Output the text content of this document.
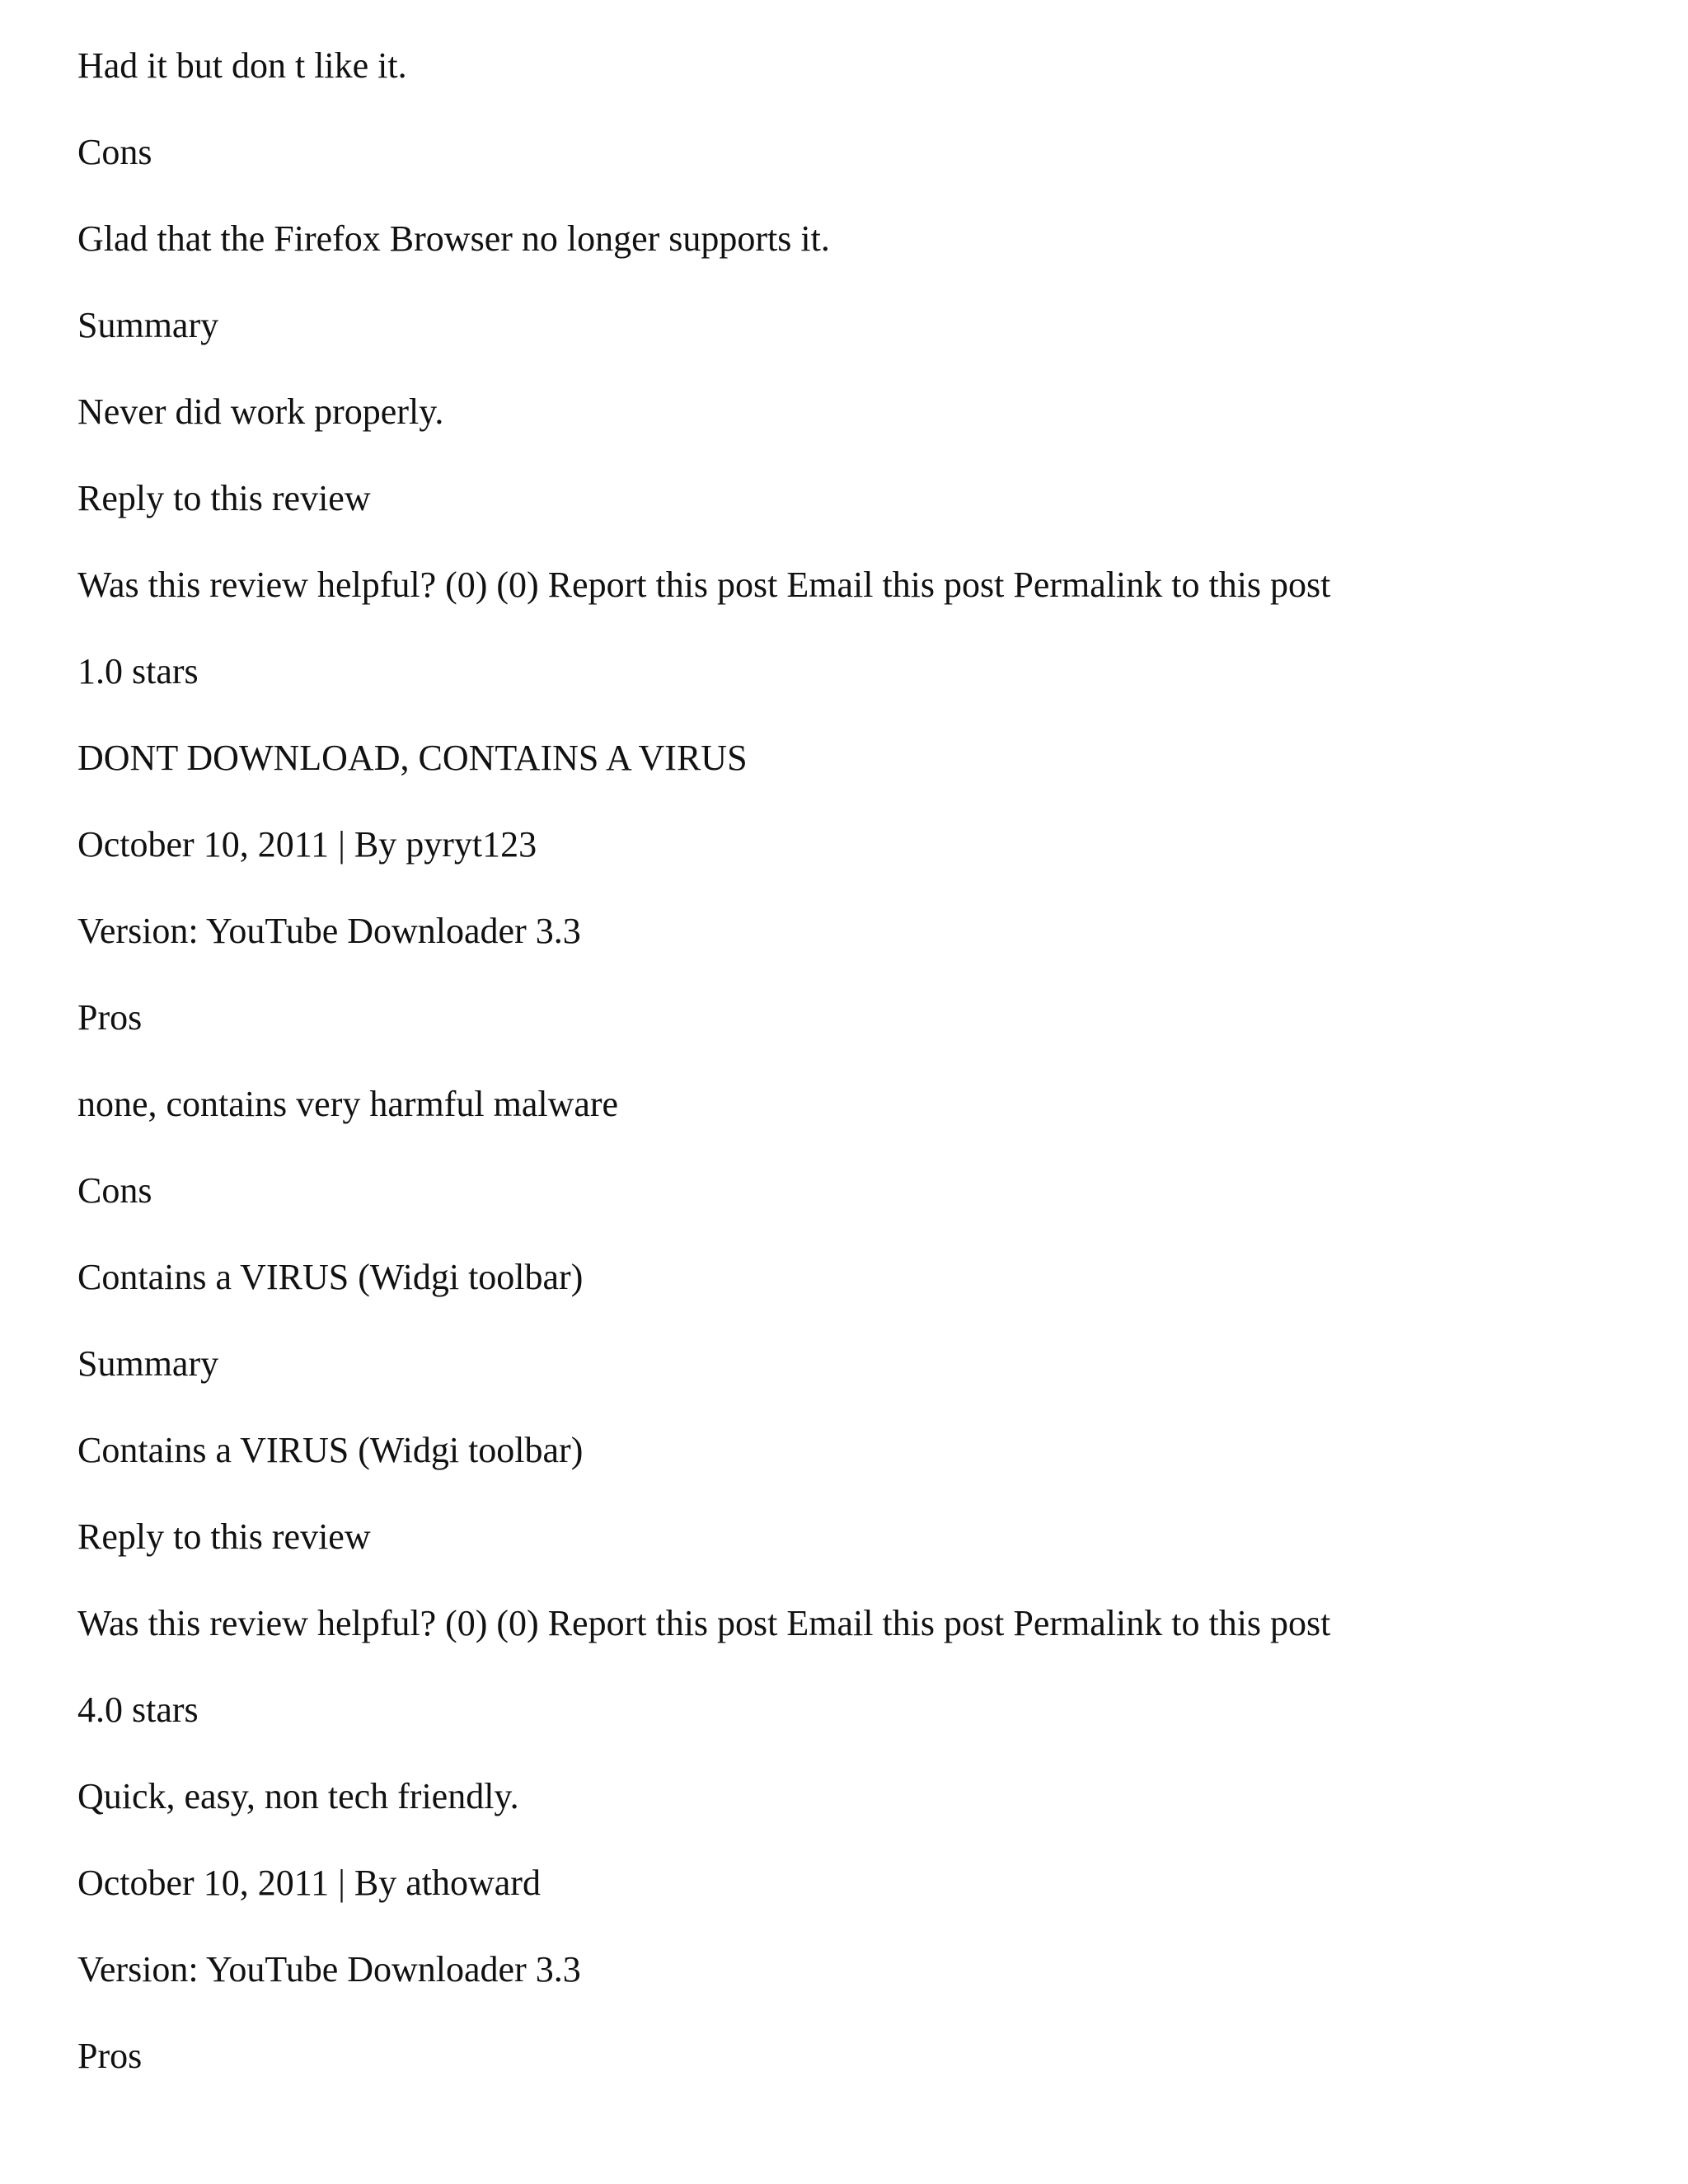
Had it but don t like it.
Cons
Glad that the Firefox Browser no longer supports it.
Summary
Never did work properly.
Reply to this review
Was this review helpful? (0) (0) Report this post Email this post Permalink to this post
1.0 stars
DONT DOWNLOAD, CONTAINS A VIRUS
October 10, 2011 | By pyryt123
Version: YouTube Downloader 3.3
Pros
none, contains very harmful malware
Cons
Contains a VIRUS (Widgi toolbar)
Summary
Contains a VIRUS (Widgi toolbar)
Reply to this review
Was this review helpful? (0) (0) Report this post Email this post Permalink to this post
4.0 stars
Quick, easy, non tech friendly.
October 10, 2011 | By athoward
Version: YouTube Downloader 3.3
Pros
